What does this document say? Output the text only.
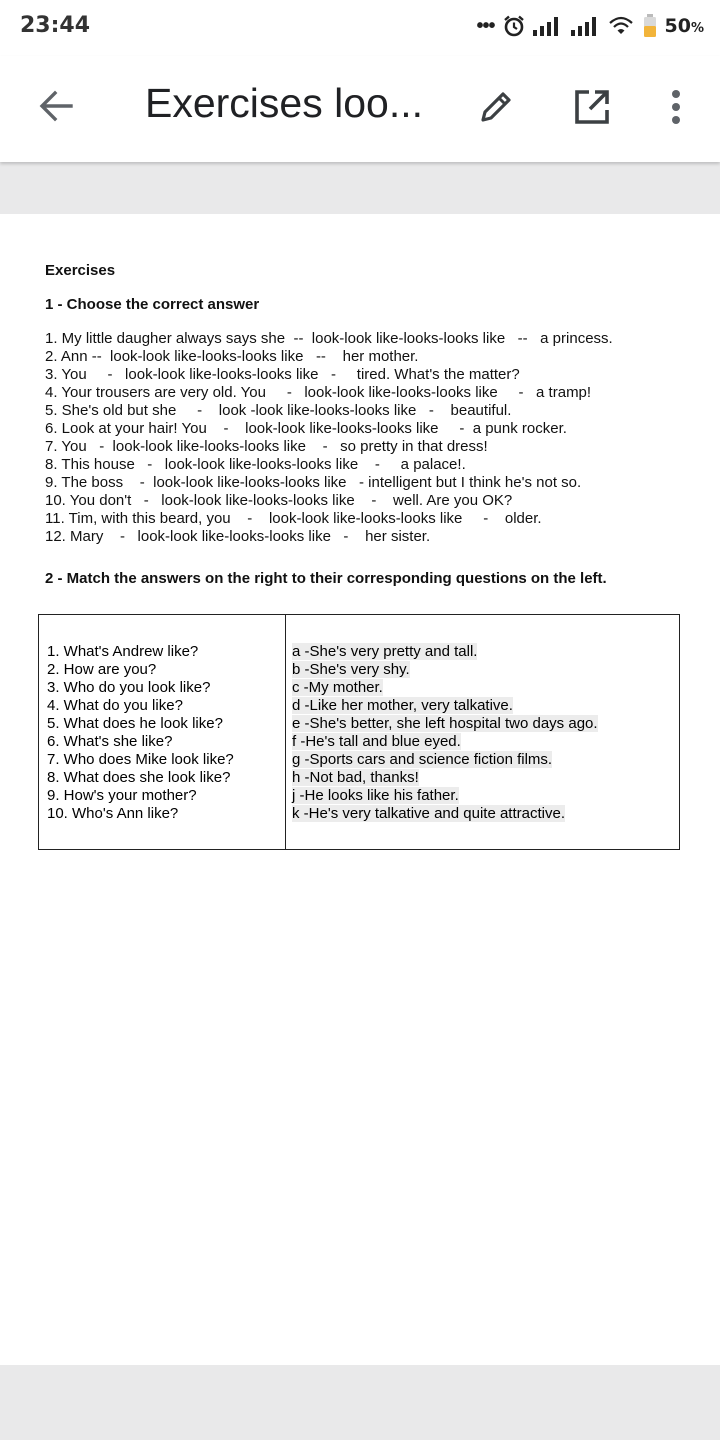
23:44	•••	50%
Exercises loo...
Exercises
1 - Choose the correct answer
1. My little daugher always says she  --  look-look like-looks-looks like   --   a princess.
2. Ann --  look-look like-looks-looks like   --    her mother.
3. You     -   look-look like-looks-looks like   -     tired. What's the matter?
4. Your trousers are very old. You     -   look-look like-looks-looks like     -   a tramp!
5. She's old but she     -    look -look like-looks-looks like   -    beautiful.
6. Look at your hair! You    -    look-look like-looks-looks like     -  a punk rocker.
7. You   -  look-look like-looks-looks like    -   so pretty in that dress!
8. This house   -   look-look like-looks-looks like    -     a palace!.
9. The boss    -  look-look like-looks-looks like   - intelligent but I think he's not so.
10. You don't   -   look-look like-looks-looks like    -    well. Are you OK?
11. Tim, with this beard, you    -    look-look like-looks-looks like     -    older.
12. Mary    -   look-look like-looks-looks like   -    her sister.
2 - Match the answers on the right to their corresponding questions on the left.
1. What's Andrew like?
2. How are you?
3. Who do you look like?
4. What do you like?
5. What does he look like?
6. What's she like?
7. Who does Mike look like?
8. What does she look like?
9. How's your mother?
10. Who's Ann like?
a -She's very pretty and tall.
b -She's very shy.
c -My mother.
d -Like her mother, very talkative.
e -She's better, she left hospital two days ago.
f -He's tall and blue eyed.
g -Sports cars and science fiction films.
h -Not bad, thanks!
j -He looks like his father.
k -He's very talkative and quite attractive.
